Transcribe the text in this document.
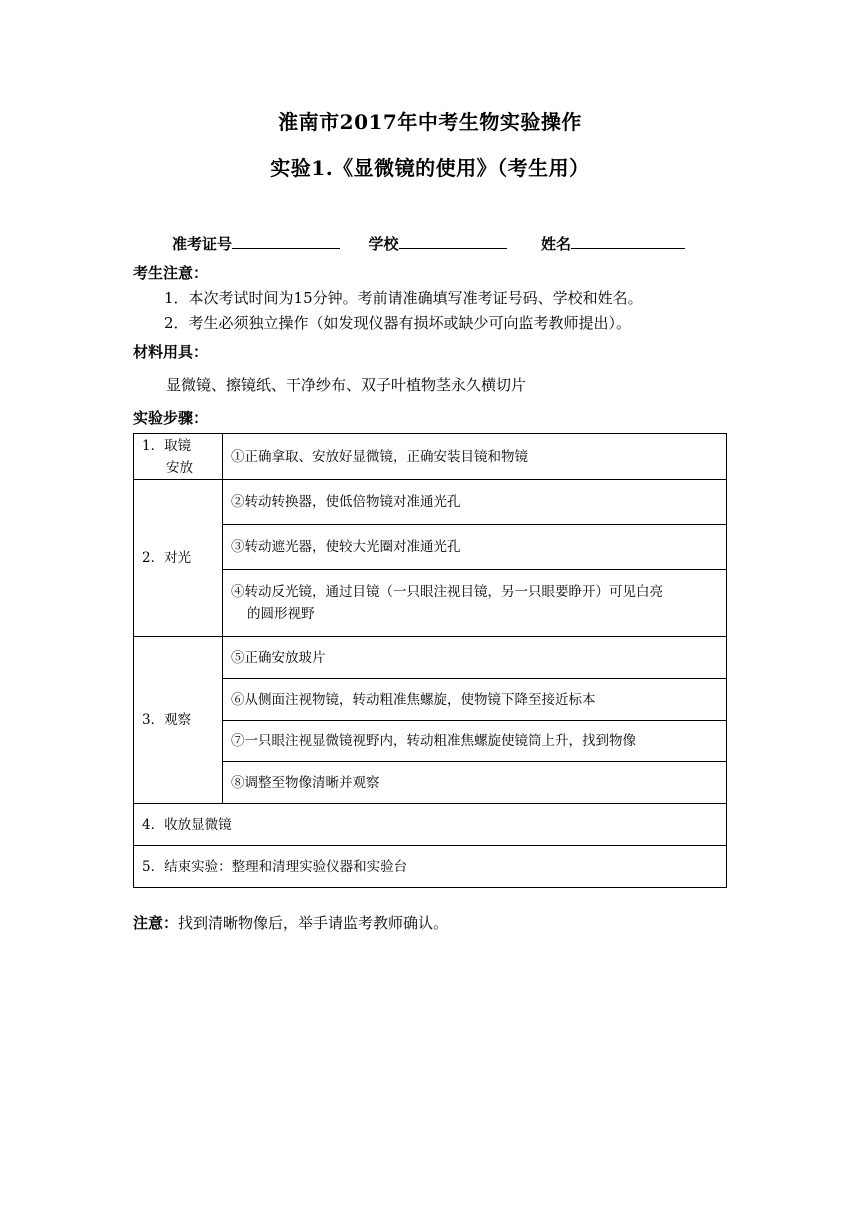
淮南市2017年中考生物实验操作
实验1.《显微镜的使用》（考生用）
准考证号	学校	姓名
考生注意：
1．本次考试时间为15分钟。考前请准确填写准考证号码、学校和姓名。
2．考生必须独立操作（如发现仪器有损坏或缺少可向监考教师提出）。
材料用具：
显微镜、擦镜纸、干净纱布、双子叶植物茎永久横切片
实验步骤：
1．取镜
安放	①正确拿取、安放好显微镜，正确安装目镜和物镜
2．对光	②转动转换器，使低倍物镜对准通光孔
	③转动遮光器，使较大光圈对准通光孔

	④转动反光镜，通过目镜（一只眼注视目镜，另一只眼要睁开）可见白亮
的圆形视野

3．观察	⑤正确安放玻片
	⑥从侧面注视物镜，转动粗准焦螺旋，使物镜下降至接近标本
	⑦一只眼注视显微镜视野内，转动粗准焦螺旋使镜筒上升，找到物像
	⑧调整至物像清晰并观察
4．收放显微镜	
5．结束实验：整理和清理实验仪器和实验台	
注意：找到清晰物像后，举手请监考教师确认。
